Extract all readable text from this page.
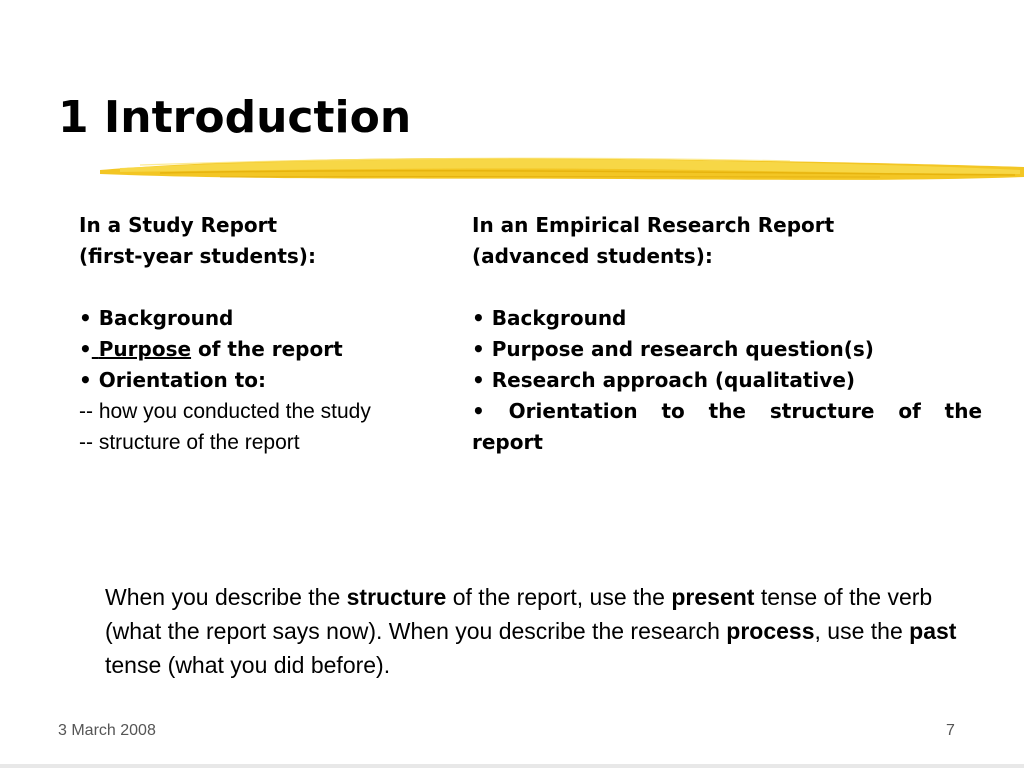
1 Introduction
In a Study Report
(first-year students):
• Background
• Purpose of the report
• Orientation to:
-- how you conducted the study
-- structure of the report
In an Empirical Research Report
(advanced students):
• Background
• Purpose and research question(s)
• Research approach (qualitative)
• Orientation to the structure of the
report
When you describe the structure of the report, use the present tense of the verb (what the report says now). When you describe the research process, use the past tense (what you did before).
3 March 2008	7
